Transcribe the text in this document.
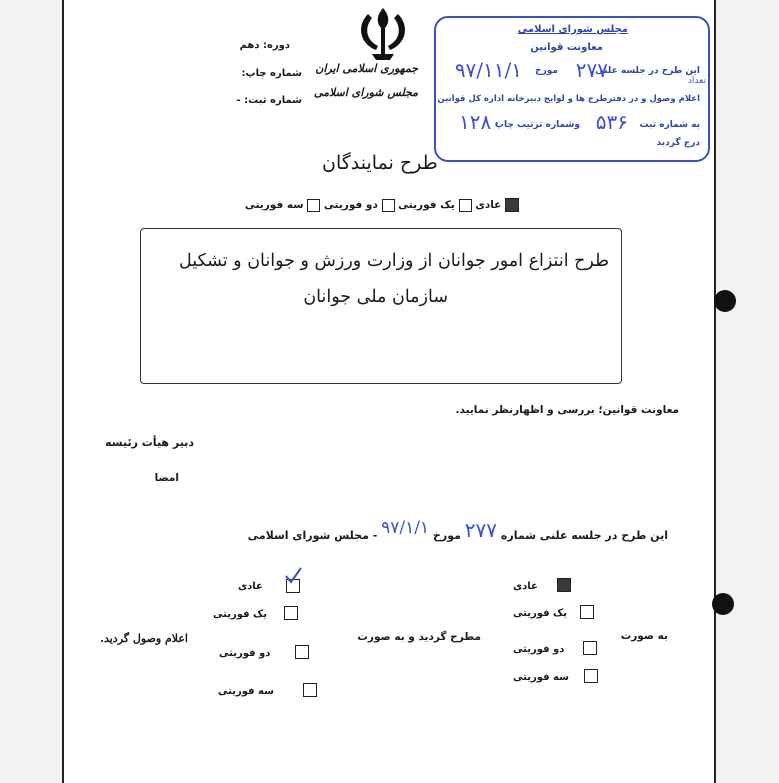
دوره: دهم
شماره چاپ:
شماره ثبت: -
جمهوری اسلامی ایران
مجلس شورای اسلامی
مجلس شورای اسلامی
معاونت قوانین
این طرح در جلسه علنی
تعداد
۲۷۷
مورخ
۹۷/۱۱/۱
اعلام وصول و در دفترطرح ها و لوایح دبیرخانه اداره کل قوانین
به شماره ثبت
۵۳۶
وشماره ترتیب چاپ
۱۲۸۰
درج گردید
طرح نمایندگان
عادی  یک فوریتی  دو فوریتی  سه فوریتی
طرح انتزاع امور جوانان از وزارت ورزش و جوانان و تشکیل
سازمان ملی جوانان
معاونت قوانین؛ بررسی و اظهارنظر نمایید.
دبیر هیأت رئیسه
امضا
این طرح در جلسه علنی شماره ۲۷۷ مورخ ۹۷/۱/۱ - مجلس شورای اسلامی
به صورت
عادی
یک فوریتی
دو فوریتی
سه فوریتی
مطرح گردید و به صورت
عادی
یک فوریتی
دو فوریتی
سه فوریتی
اعلام وصول گردید.
